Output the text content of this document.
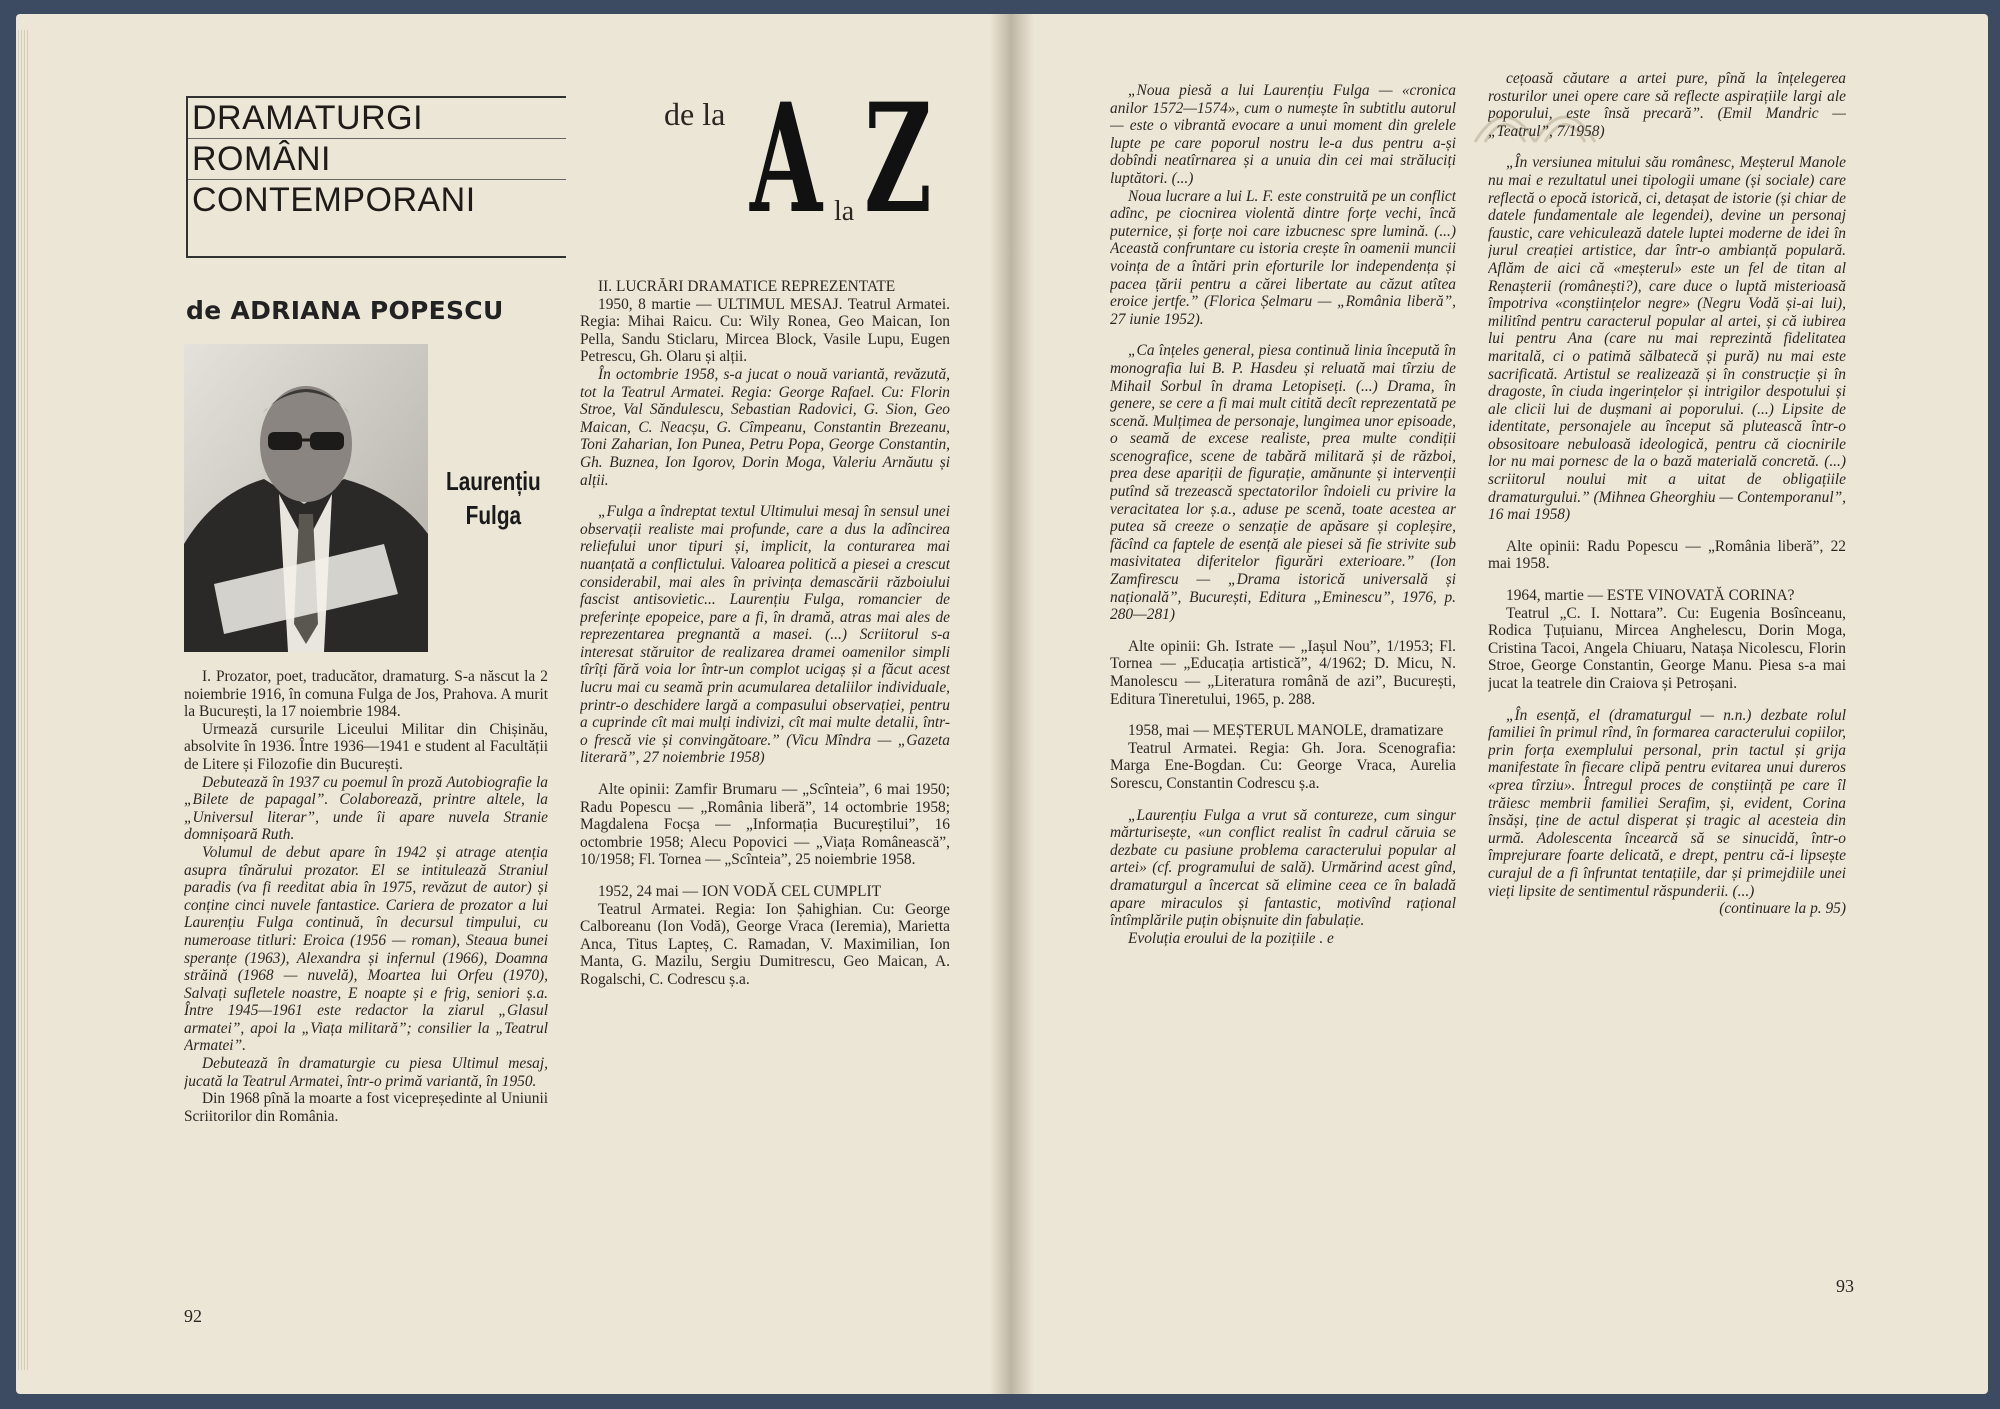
DRAMATURGI
ROMÂNI
CONTEMPORANI
de la A la Z
de ADRIANA POPESCU
Laurențiu
Fulga

I. Prozator, poet, traducător, dramaturg. S-a născut la 2 noiembrie 1916, în comuna Fulga de Jos, Prahova. A murit la București, la 17 noiembrie 1984.

Urmează cursurile Liceului Militar din Chișinău, absolvite în 1936. Între 1936—1941 e student al Facultății de Litere și Filozofie din București.

Debutează în 1937 cu poemul în proză Autobiografie la „Bilete de papagal”. Colaborează, printre altele, la „Universul literar”, unde îi apare nuvela Stranie domnișoară Ruth.

Volumul de debut apare în 1942 și atrage atenția asupra tînărului prozator. El se intitulează Straniul paradis (va fi reeditat abia în 1975, revăzut de autor) și conține cinci nuvele fantastice. Cariera de prozator a lui Laurențiu Fulga continuă, în decursul timpului, cu numeroase titluri: Eroica (1956 — roman), Steaua bunei speranțe (1963), Alexandra și infernul (1966), Doamna străină (1968 — nuvelă), Moartea lui Orfeu (1970), Salvați sufletele noastre, E noapte și e frig, seniori ș.a. Între 1945—1961 este redactor la ziarul „Glasul armatei”, apoi la „Viața militară”; consilier la „Teatrul Armatei”.

Debutează în dramaturgie cu piesa Ultimul mesaj, jucată la Teatrul Armatei, într-o primă variantă, în 1950.

Din 1968 pînă la moarte a fost vicepreședinte al Uniunii Scriitorilor din România.

II. LUCRĂRI DRAMATICE REPREZENTATE

1950, 8 martie — ULTIMUL MESAJ. Teatrul Armatei. Regia: Mihai Raicu. Cu: Wily Ronea, Geo Maican, Ion Pella, Sandu Sticlaru, Mircea Block, Vasile Lupu, Eugen Petrescu, Gh. Olaru și alții.

În octombrie 1958, s-a jucat o nouă variantă, revăzută, tot la Teatrul Armatei. Regia: George Rafael. Cu: Florin Stroe, Val Săndulescu, Sebastian Radovici, G. Sion, Geo Maican, C. Neacșu, G. Cîmpeanu, Constantin Brezeanu, Toni Zaharian, Ion Punea, Petru Popa, George Constantin, Gh. Buznea, Ion Igorov, Dorin Moga, Valeriu Arnăutu și alții.

„Fulga a îndreptat textul Ultimului mesaj în sensul unei observații realiste mai profunde, care a dus la adîncirea reliefului unor tipuri și, implicit, la conturarea mai nuanțată a conflictului. Valoarea politică a piesei a crescut considerabil, mai ales în privința demascării războiului fascist antisovietic... Laurențiu Fulga, romancier de preferințe epopeice, pare a fi, în dramă, atras mai ales de reprezentarea pregnantă a masei. (...) Scriitorul s-a interesat stăruitor de realizarea dramei oamenilor simpli tîrîți fără voia lor într-un complot ucigaș și a făcut acest lucru mai cu seamă prin acumularea detaliilor individuale, printr-o deschidere largă a compasului observației, pentru a cuprinde cît mai mulți indivizi, cît mai multe detalii, într-o frescă vie și convingătoare.” (Vicu Mîndra — „Gazeta literară”, 27 noiembrie 1958)

Alte opinii: Zamfir Brumaru — „Scînteia”, 6 mai 1950; Radu Popescu — „România liberă”, 14 octombrie 1958; Magdalena Focșa — „Informația Bucureștilui”, 16 octombrie 1958; Alecu Popovici — „Viața Românească”, 10/1958; Fl. Tornea — „Scînteia”, 25 noiembrie 1958.

1952, 24 mai — ION VODĂ CEL CUMPLIT

Teatrul Armatei. Regia: Ion Șahighian. Cu: George Calboreanu (Ion Vodă), George Vraca (Ieremia), Marietta Anca, Titus Lapteș, C. Ramadan, V. Maximilian, Ion Manta, G. Mazilu, Sergiu Dumitrescu, Geo Maican, A. Rogalschi, C. Codrescu ș.a.

92

„Noua piesă a lui Laurențiu Fulga — «cronica anilor 1572—1574», cum o numește în subtitlu autorul — este o vibrantă evocare a unui moment din grelele lupte pe care poporul nostru le-a dus pentru a-și dobîndi neatîrnarea și a unuia din cei mai străluciți luptători. (...)

Noua lucrare a lui L. F. este construită pe un conflict adînc, pe ciocnirea violentă dintre forțe vechi, încă puternice, și forțe noi care izbucnesc spre lumină. (...) Această confruntare cu istoria crește în oamenii muncii voința de a întări prin eforturile lor independența și pacea țării pentru a cărei libertate au căzut atîtea eroice jertfe.” (Florica Șelmaru — „România liberă”, 27 iunie 1952).

„Ca înțeles general, piesa continuă linia începută în monografia lui B. P. Hasdeu și reluată mai tîrziu de Mihail Sorbul în drama Letopiseți. (...) Drama, în genere, se cere a fi mai mult citită decît reprezentată pe scenă. Mulțimea de personaje, lungimea unor episoade, o seamă de excese realiste, prea multe condiții scenografice, scene de tabără militară și de război, prea dese apariții de figurație, amănunte și intervenții putînd să trezească spectatorilor îndoieli cu privire la veracitatea lor ș.a., aduse pe scenă, toate acestea ar putea să creeze o senzație de apăsare și copleșire, făcînd ca faptele de esență ale piesei să fie strivite sub masivitatea diferitelor figurări exterioare.” (Ion Zamfirescu — „Drama istorică universală și națională”, București, Editura „Eminescu”, 1976, p. 280—281)

Alte opinii: Gh. Istrate — „Iașul Nou”, 1/1953; Fl. Tornea — „Educația artistică”, 4/1962; D. Micu, N. Manolescu — „Literatura română de azi”, București, Editura Tineretului, 1965, p. 288.

1958, mai — MEȘTERUL MANOLE, dramatizare

Teatrul Armatei. Regia: Gh. Jora. Scenografia: Marga Ene-Bogdan. Cu: George Vraca, Aurelia Sorescu, Constantin Codrescu ș.a.

„Laurențiu Fulga a vrut să contureze, cum singur mărturisește, «un conflict realist în cadrul căruia se dezbate cu pasiune problema caracterului popular al artei» (cf. programului de sală). Urmărind acest gînd, dramaturgul a încercat să elimine ceea ce în baladă apare miraculos și fantastic, motivînd rațional întîmplările puțin obișnuite din fabulație.

Evoluția eroului de la pozițiile . e

cețoasă căutare a artei pure, pînă la înțelegerea rosturilor unei opere care să reflecte aspirațiile largi ale poporului, este însă precară”. (Emil Mandric — „Teatrul”, 7/1958)

„În versiunea mitului său românesc, Meșterul Manole nu mai e rezultatul unei tipologii umane (și sociale) care reflectă o epocă istorică, ci, detașat de istorie (și chiar de datele fundamentale ale legendei), devine un personaj faustic, care vehiculează datele luptei moderne de idei în jurul creației artistice, dar într-o ambianță populară. Aflăm de aici că «meșterul» este un fel de titan al Renașterii (românești?), care duce o luptă misterioasă împotriva «conștiințelor negre» (Negru Vodă și-ai lui), militînd pentru caracterul popular al artei, și că iubirea lui pentru Ana (care nu mai reprezintă fidelitatea maritală, ci o patimă sălbatecă și pură) nu mai este sacrificată. Artistul se realizează și în construcție și în dragoste, în ciuda ingerințelor și intrigilor despotului și ale clicii lui de dușmani ai poporului. (...) Lipsite de identitate, personajele au început să plutească într-o obsositoare nebuloasă ideologică, pentru că ciocnirile lor nu mai pornesc de la o bază materială concretă. (...) scriitorul noului mit a uitat de obligațiile dramaturgului.” (Mihnea Gheorghiu — Contemporanul”, 16 mai 1958)

Alte opinii: Radu Popescu — „România liberă”, 22 mai 1958.

1964, martie — ESTE VINOVATĂ CORINA?

Teatrul „C. I. Nottara”. Cu: Eugenia Bosînceanu, Rodica Țuțuianu, Mircea Anghelescu, Dorin Moga, Cristina Tacoi, Angela Chiuaru, Natașa Nicolescu, Florin Stroe, George Constantin, George Manu. Piesa s-a mai jucat la teatrele din Craiova și Petroșani.

„În esență, el (dramaturgul — n.n.) dezbate rolul familiei în primul rînd, în formarea caracterului copiilor, prin forța exemplului personal, prin tactul și grija manifestate în fiecare clipă pentru evitarea unui dureros «prea tîrziu». Întregul proces de conștiință pe care îl trăiesc membrii familiei Serafim, și, evident, Corina însăși, ține de actul disperat și tragic al acesteia din urmă. Adolescenta încearcă să se sinucidă, într-o împrejurare foarte delicată, e drept, pentru că-i lipsește curajul de a fi înfruntat tentațiile, dar și primejdiile unei vieți lipsite de sentimentul răspunderii. (...)

(continuare la p. 95)

93
